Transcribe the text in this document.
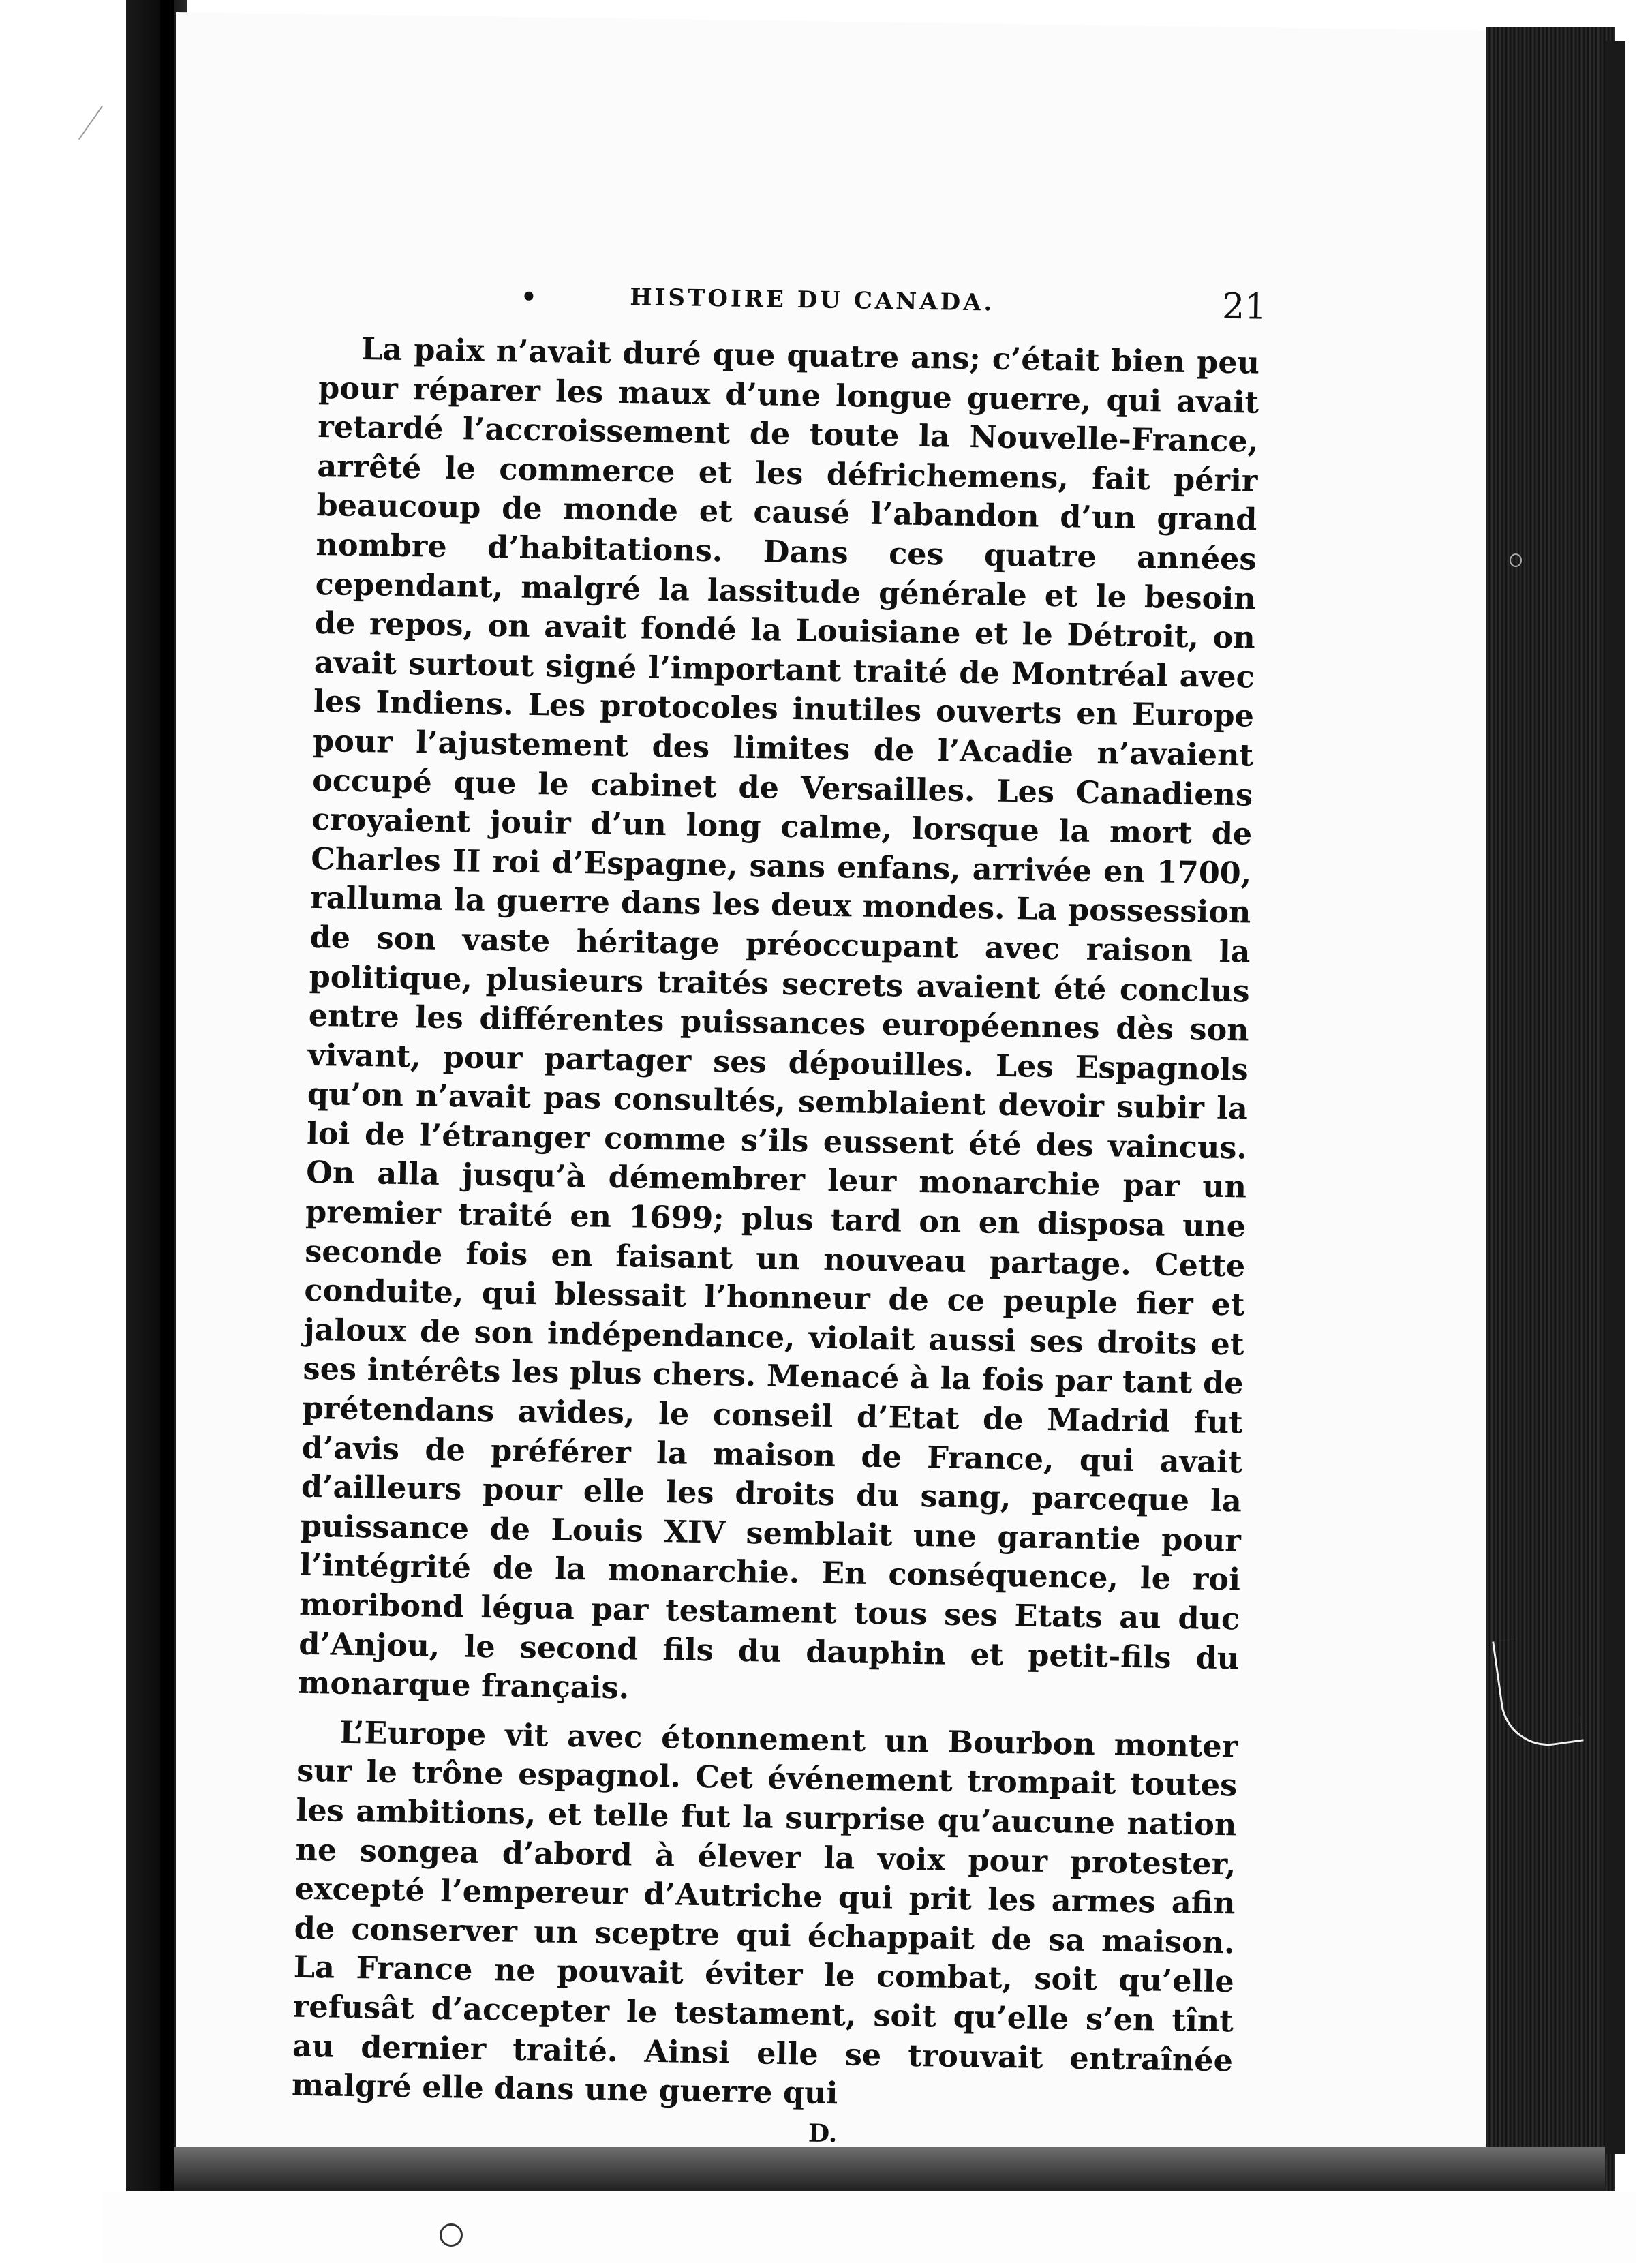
HISTOIRE DU CANADA.	21

La paix n’avait duré que quatre ans; c’était bien peu pour réparer les maux d’une longue guerre, qui avait retardé l’accroissement de toute la Nouvelle-France, arrêté le commerce et les défrichemens, fait périr beaucoup de monde et causé l’abandon d’un grand nombre d’habitations. Dans ces quatre années cependant, malgré la lassitude générale et le besoin de repos, on avait fondé la Louisiane et le Détroit, on avait surtout signé l’important traité de Montréal avec les Indiens. Les protocoles inutiles ouverts en Europe pour l’ajustement des limites de l’Acadie n’avaient occupé que le cabinet de Versailles. Les Canadiens croyaient jouir d’un long calme, lorsque la mort de Charles II roi d’Espagne, sans enfans, arrivée en 1700, ralluma la guerre dans les deux mondes. La possession de son vaste héritage préoccupant avec raison la politique, plusieurs traités secrets avaient été conclus entre les différentes puissances européennes dès son vivant, pour partager ses dépouilles. Les Espagnols qu’on n’avait pas consultés, semblaient devoir subir la loi de l’étranger comme s’ils eussent été des vaincus. On alla jusqu’à démembrer leur monarchie par un premier traité en 1699; plus tard on en disposa une seconde fois en faisant un nouveau partage. Cette conduite, qui blessait l’honneur de ce peuple fier et jaloux de son indépendance, violait aussi ses droits et ses intérêts les plus chers. Menacé à la fois par tant de prétendans avides, le conseil d’Etat de Madrid fut d’avis de préférer la maison de France, qui avait d’ailleurs pour elle les droits du sang, parceque la puissance de Louis XIV semblait une garantie pour l’intégrité de la monarchie. En conséquence, le roi moribond légua par testament tous ses Etats au duc d’Anjou, le second fils du dauphin et petit-fils du monarque français.

L’Europe vit avec étonnement un Bourbon monter sur le trône espagnol. Cet événement trompait toutes les ambitions, et telle fut la surprise qu’aucune nation ne songea d’abord à élever la voix pour protester, excepté l’empereur d’Autriche qui prit les armes afin de conserver un sceptre qui échappait de sa maison. La France ne pouvait éviter le combat, soit qu’elle refusât d’accepter le testament, soit qu’elle s’en tînt au dernier traité. Ainsi elle se trouvait entraînée malgré elle dans une guerre qui

D.
